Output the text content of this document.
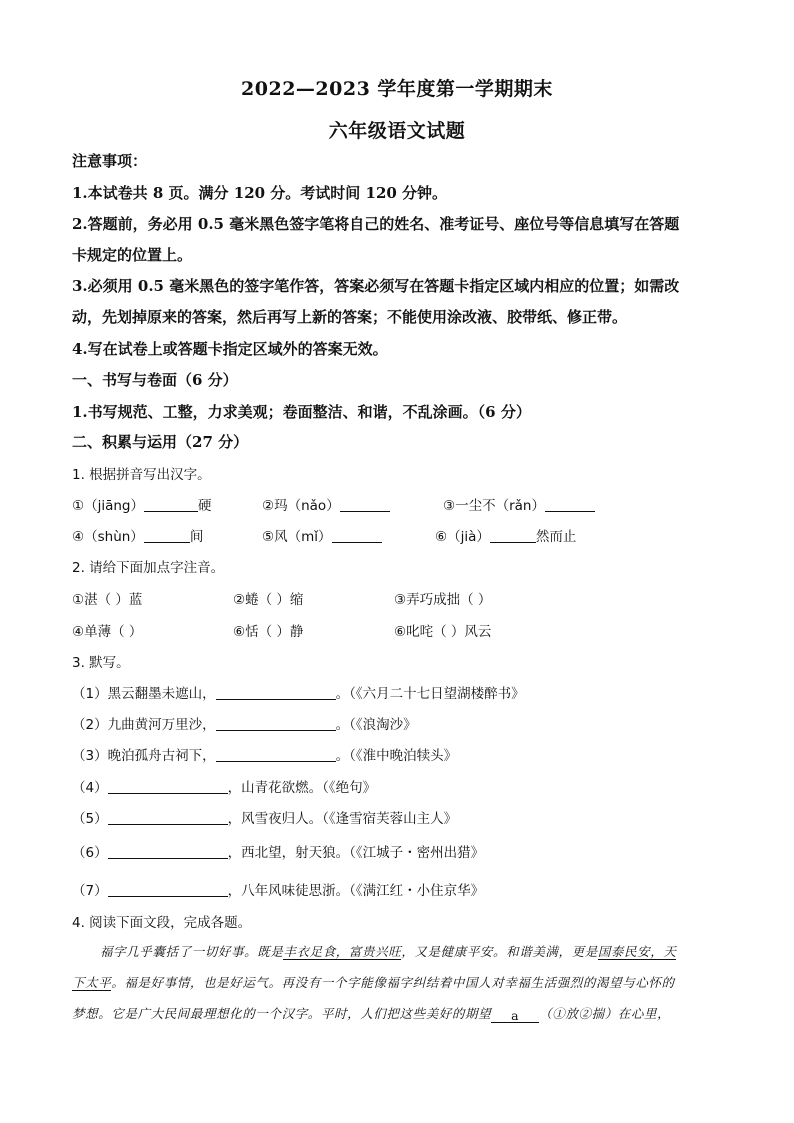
2022—2023 学年度第一学期期末
六年级语文试题
注意事项：
1.本试卷共 8 页。满分 120 分。考试时间 120 分钟。
2.答题前，务必用 0.5 毫米黑色签字笔将自己的姓名、准考证号、座位号等信息填写在答题
卡规定的位置上。
3.必须用 0.5 毫米黑色的签字笔作答，答案必须写在答题卡指定区域内相应的位置；如需改
动，先划掉原来的答案，然后再写上新的答案；不能使用涂改液、胶带纸、修正带。
4.写在试卷上或答题卡指定区域外的答案无效。
一、书写与卷面（6 分）
1.书写规范、工整，力求美观；卷面整洁、和谐，不乱涂画。（6 分）
二、积累与运用（27 分）
1. 根据拼音写出汉字。
①（jiāng）	硬	②玛（nǎo）	③一尘不（rǎn）
④（shùn）	间	⑤风（mǐ）	⑥（jià）	然而止
2. 请给下面加点字注音。
①湛（ ）蓝	②蜷（ ）缩	③弄巧成拙（ ）
④单薄（ ）	⑥恬（ ）静	⑥叱咤（ ）风云
3. 默写。
（1）黑云翻墨未遮山，	。（《六月二十七日望湖楼醉书》
（2）九曲黄河万里沙，	。（《浪淘沙》
（3）晚泊孤舟古祠下，	。（《淮中晚泊犊头》
（4）	，山青花欲燃。（《绝句》
（5）	，风雪夜归人。（《逢雪宿芙蓉山主人》
（6）	，西北望，射天狼。（《江城子・密州出猎》
（7）	，八年风味徒思浙。（《满江红・小住京华》
4. 阅读下面文段，完成各题。
福字几乎囊括了一切好事。既是丰衣足食，富贵兴旺，又是健康平安。和谐美满，更是国泰民安，天
下太平。福是好事情，也是好运气。再没有一个字能像福字纠结着中国人对幸福生活强烈的渴望与心怀的
梦想。它是广大民间最理想化的一个汉字。平时，人们把这些美好的期望 a （①放②揣）在心里，
